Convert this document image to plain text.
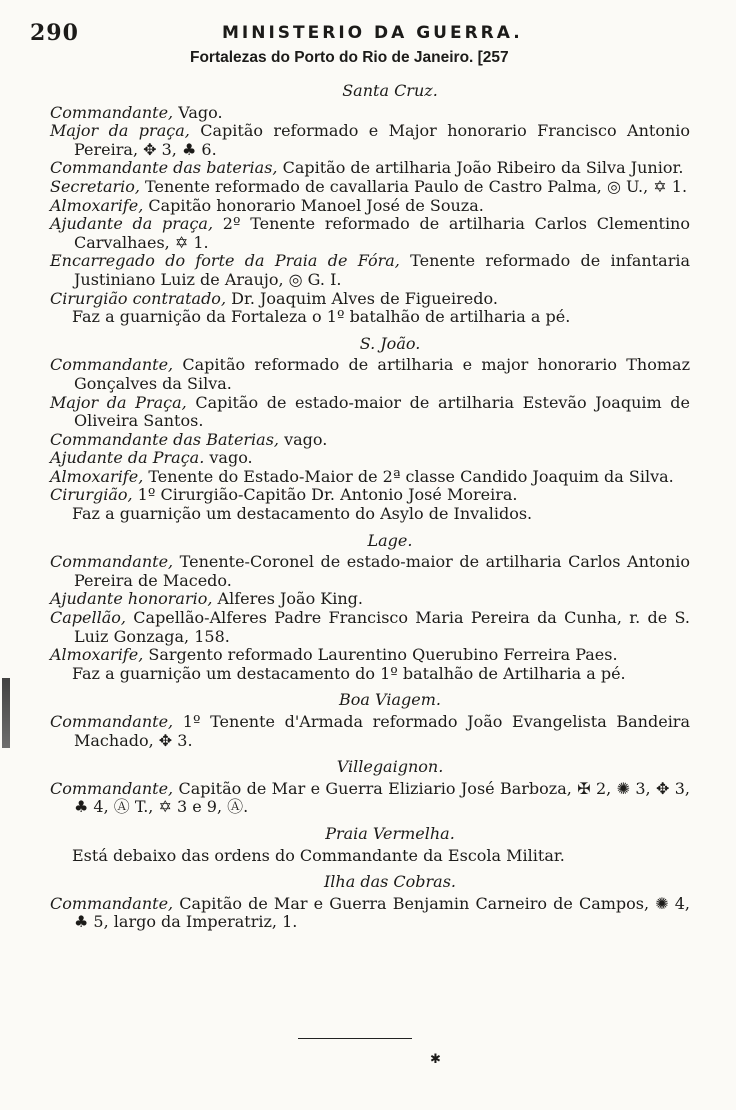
290	MINISTERIO DA GUERRA.
Fortalezas do Porto do Rio de Janeiro. [257
Santa Cruz.

Commandante, Vago.

Major da praça, Capitão reformado e Major honorario Francisco Antonio Pereira, ✥ 3, ♣ 6.

Commandante das baterias, Capitão de artilharia João Ribeiro da Silva Junior.

Secretario, Tenente reformado de cavallaria Paulo de Castro Palma, ◎ U., ✡ 1.

Almoxarife, Capitão honorario Manoel José de Souza.

Ajudante da praça, 2º Tenente reformado de artilharia Carlos Clementino Carvalhaes, ✡ 1.

Encarregado do forte da Praia de Fóra, Tenente reformado de infantaria Justiniano Luiz de Araujo, ◎ G. I.

Cirurgião contratado, Dr. Joaquim Alves de Figueiredo.

Faz a guarnição da Fortaleza o 1º batalhão de artilharia a pé.

S. João.

Commandante, Capitão reformado de artilharia e major honorario Thomaz Gonçalves da Silva.

Major da Praça, Capitão de estado-maior de artilharia Estevão Joaquim de Oliveira Santos.

Commandante das Baterias, vago.

Ajudante da Praça. vago.

Almoxarife, Tenente do Estado-Maior de 2ª classe Candido Joaquim da Silva.

Cirurgião, 1º Cirurgião-Capitão Dr. Antonio José Moreira.

Faz a guarnição um destacamento do Asylo de Invalidos.

Lage.

Commandante, Tenente-Coronel de estado-maior de artilharia Carlos Antonio Pereira de Macedo.

Ajudante honorario, Alferes João King.

Capellão, Capellão-Alferes Padre Francisco Maria Pereira da Cunha, r. de S. Luiz Gonzaga, 158.

Almoxarife, Sargento reformado Laurentino Querubino Ferreira Paes.

Faz a guarnição um destacamento do 1º batalhão de Artilharia a pé.

Boa Viagem.

Commandante, 1º Tenente d'Armada reformado João Evangelista Bandeira Machado, ✥ 3.

Villegaignon.

Commandante, Capitão de Mar e Guerra Eliziario José Barboza, ✠ 2, ✺ 3, ✥ 3, ♣ 4, Ⓐ T., ✡ 3 e 9, Ⓐ.

Praia Vermelha.

Está debaixo das ordens do Commandante da Escola Militar.

Ilha das Cobras.

Commandante, Capitão de Mar e Guerra Benjamin Carneiro de Campos, ✺ 4, ♣ 5, largo da Imperatriz, 1.

✱
